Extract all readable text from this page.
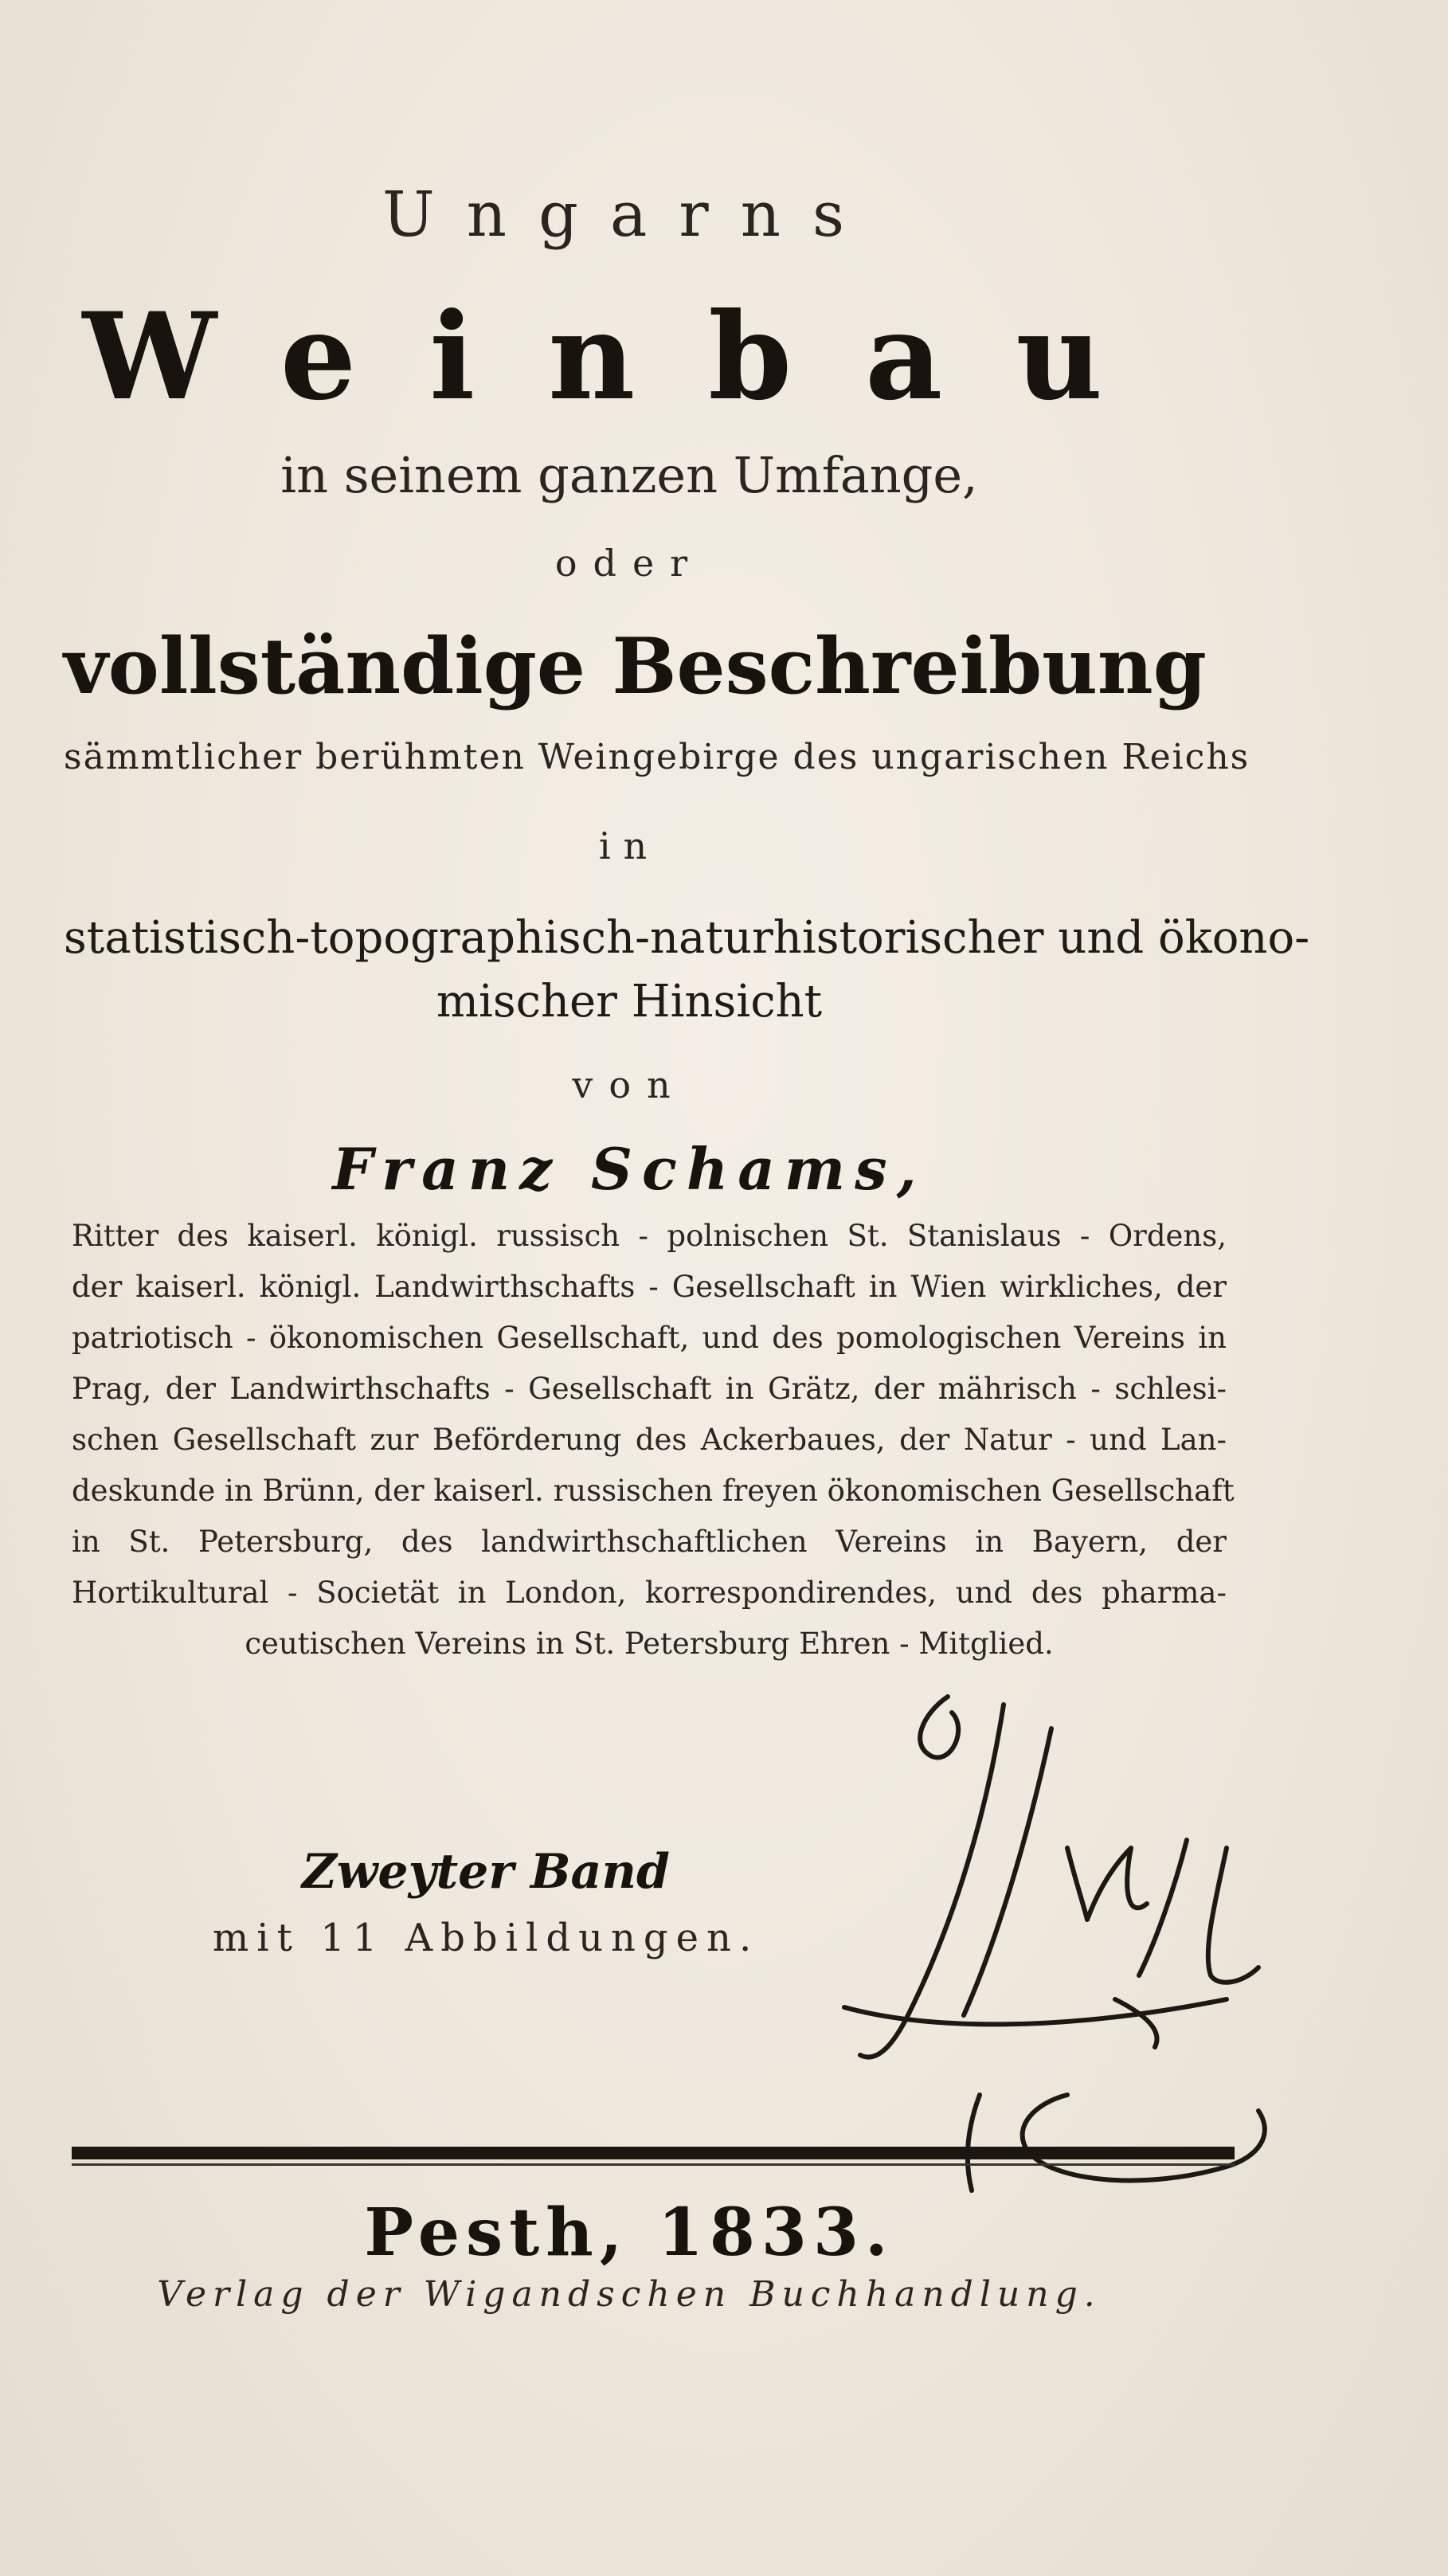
Ungarns
Weinbau
in seinem ganzen Umfange,
oder
vollständige Beschreibung
sämmtlicher berühmten Weingebirge des ungarischen Reichs
in
statistisch-topographisch-naturhistorischer und ökono-
mischer Hinsicht
von
Franz Schams,
Ritter des kaiserl. königl. russisch - polnischen St. Stanislaus - Ordens,
der kaiserl. königl. Landwirthschafts - Gesellschaft in Wien wirkliches, der
patriotisch - ökonomischen Gesellschaft, und des pomologischen Vereins in
Prag, der Landwirthschafts - Gesellschaft in Grätz, der mährisch - schlesi-
schen Gesellschaft zur Beförderung des Ackerbaues, der Natur - und Lan-
deskunde in Brünn, der kaiserl. russischen freyen ökonomischen Gesellschaft
in St. Petersburg, des landwirthschaftlichen Vereins in Bayern, der
Hortikultural - Societät in London, korrespondirendes, und des pharma-
ceutischen Vereins in St. Petersburg Ehren - Mitglied.
Zweyter Band
mit 11 Abbildungen.
Pesth, 1833.
Verlag der Wigandschen Buchhandlung.
